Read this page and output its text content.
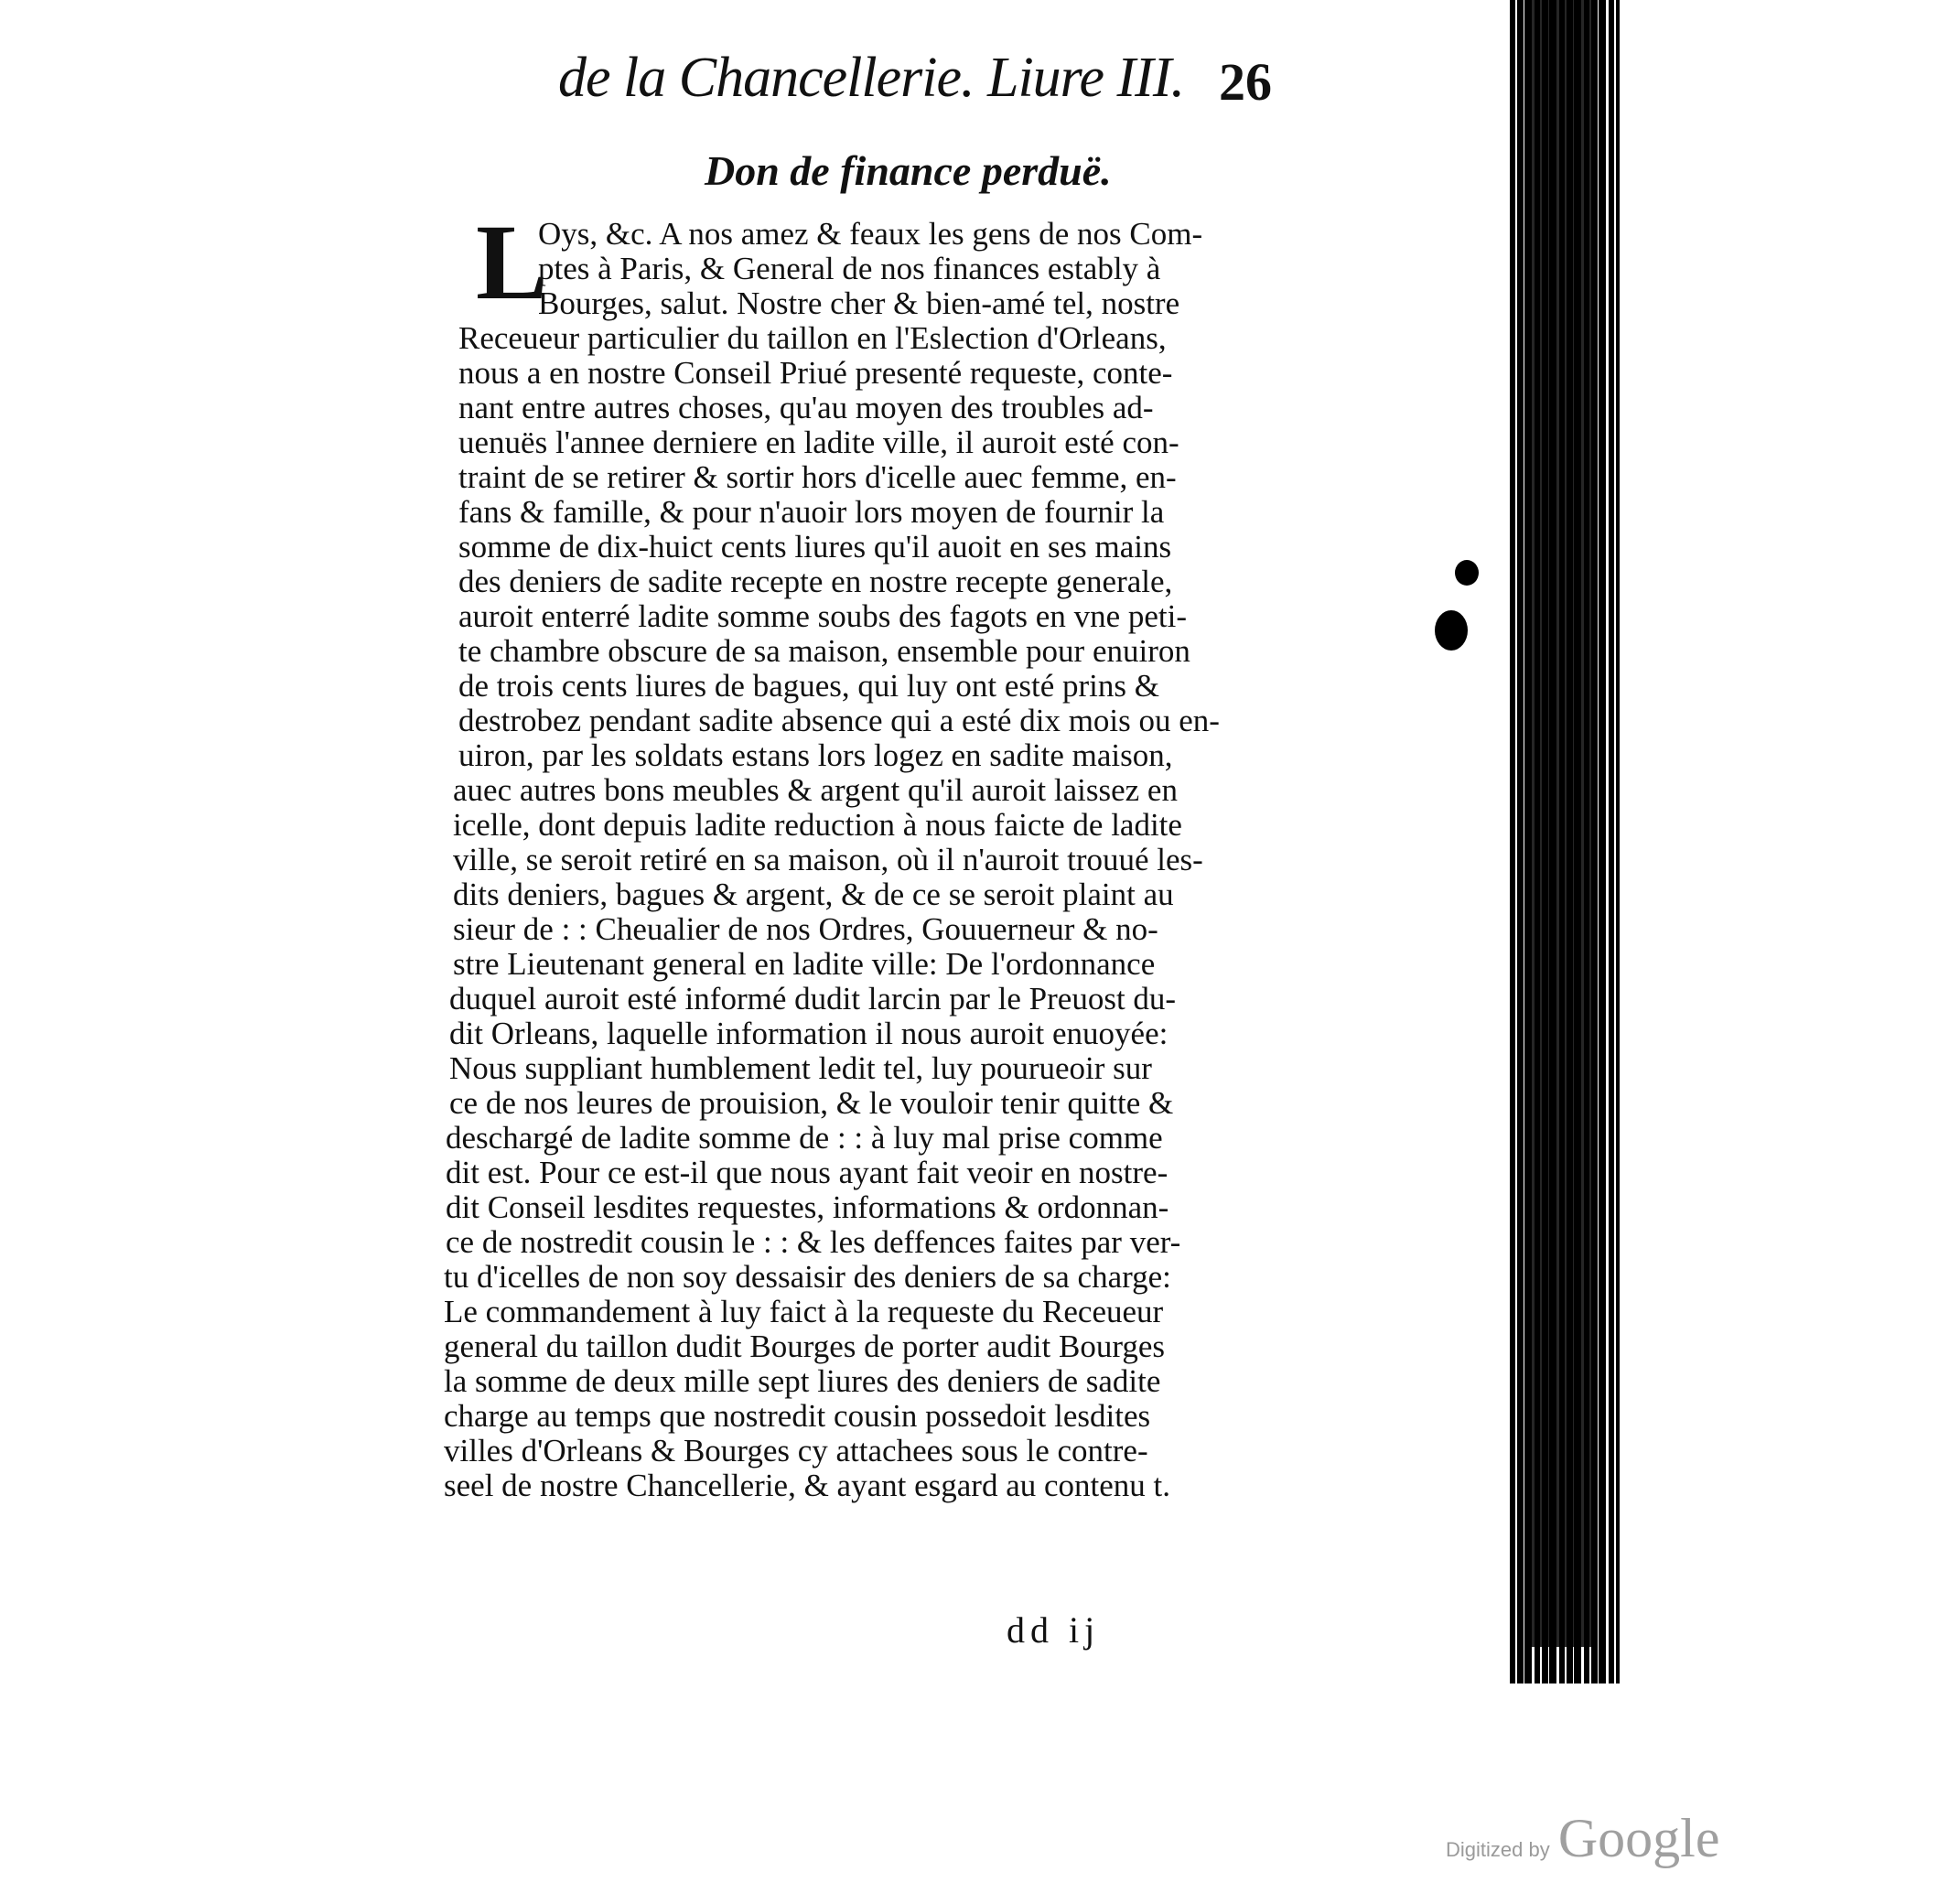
de la Chancellerie. Liure III. 26
Don de finance perduë.
L
Oys, &c. A nos amez & feaux les gens de nos Com-
ptes à Paris, & General de nos finances estably à
Bourges, salut. Nostre cher & bien-amé tel, nostre
Receueur particulier du taillon en l'Eslection d'Orleans,
nous a en nostre Conseil Priué presenté requeste, conte-
nant entre autres choses, qu'au moyen des troubles ad-
uenuës l'annee derniere en ladite ville, il auroit esté con-
traint de se retirer & sortir hors d'icelle auec femme, en-
fans & famille, & pour n'auoir lors moyen de fournir la
somme de dix-huict cents liures qu'il auoit en ses mains
des deniers de sadite recepte en nostre recepte generale,
auroit enterré ladite somme soubs des fagots en vne peti-
te chambre obscure de sa maison, ensemble pour enuiron
de trois cents liures de bagues, qui luy ont esté prins &
destrobez pendant sadite absence qui a esté dix mois ou en-
uiron, par les soldats estans lors logez en sadite maison,
auec autres bons meubles & argent qu'il auroit laissez en
icelle, dont depuis ladite reduction à nous faicte de ladite
ville, se seroit retiré en sa maison, où il n'auroit trouué les-
dits deniers, bagues & argent, & de ce se seroit plaint au
sieur de : : Cheualier de nos Ordres, Gouuerneur & no-
stre Lieutenant general en ladite ville: De l'ordonnance
duquel auroit esté informé dudit larcin par le Preuost du-
dit Orleans, laquelle information il nous auroit enuoyée:
Nous suppliant humblement ledit tel, luy pourueoir sur
ce de nos leures de prouision, & le vouloir tenir quitte &
deschargé de ladite somme de : : à luy mal prise comme
dit est. Pour ce est-il que nous ayant fait veoir en nostre-
dit Conseil lesdites requestes, informations & ordonnan-
ce de nostredit cousin le : : & les deffences faites par ver-
tu d'icelles de non soy dessaisir des deniers de sa charge:
Le commandement à luy faict à la requeste du Receueur
general du taillon dudit Bourges de porter audit Bourges
la somme de deux mille sept liures des deniers de sadite
charge au temps que nostredit cousin possedoit lesdites
villes d'Orleans & Bourges cy attachees sous le contre-
seel de nostre Chancellerie, & ayant esgard au contenu t.
dd ij
Digitized by Google
